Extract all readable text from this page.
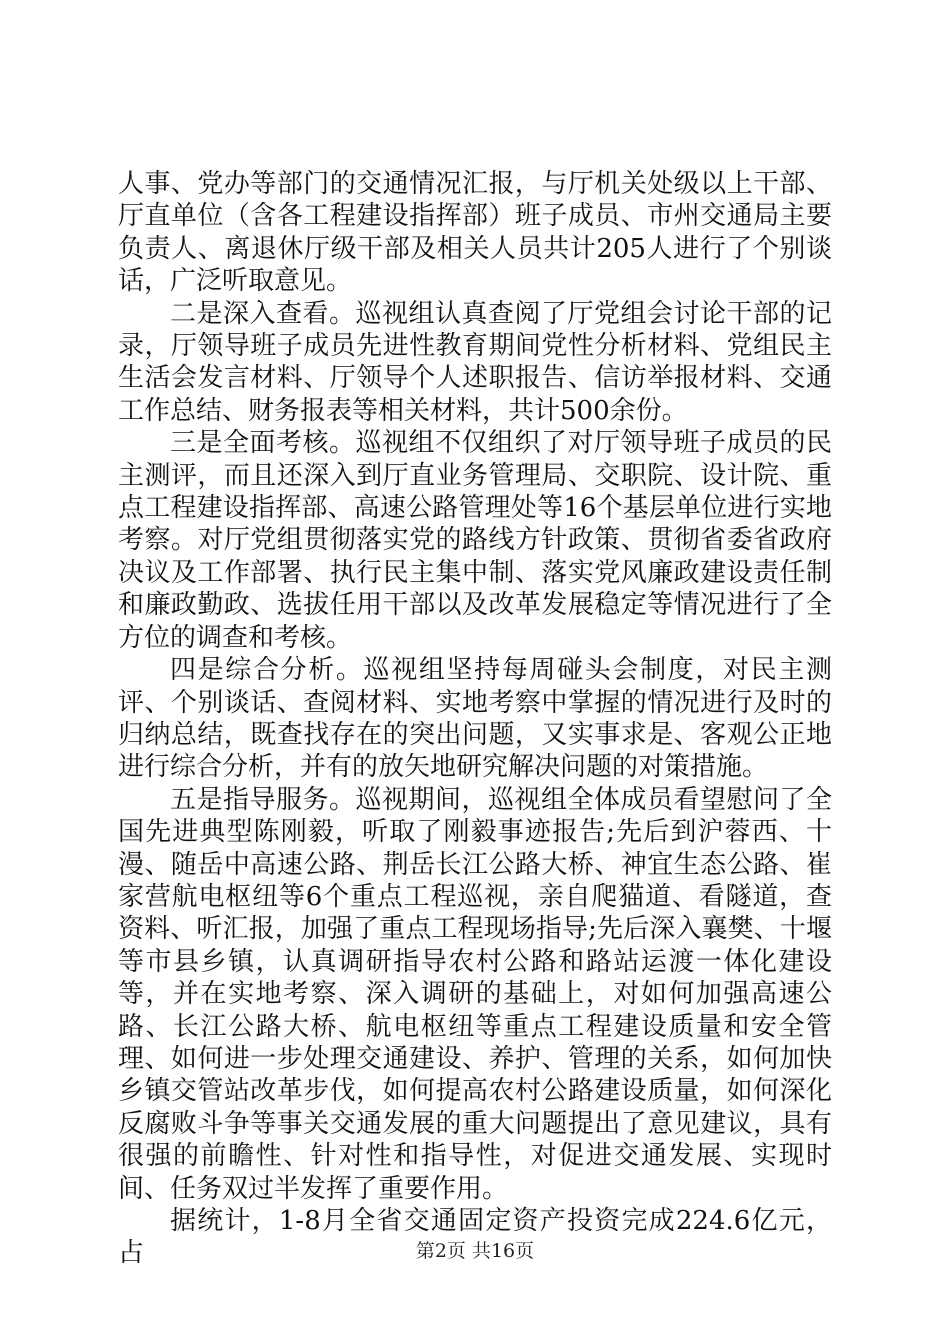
人事、党办等部门的交通情况汇报，与厅机关处级以上干部、厅直单位（含各工程建设指挥部）班子成员、市州交通局主要负责人、离退休厅级干部及相关人员共计205人进行了个别谈话，广泛听取意见。

二是深入查看。巡视组认真查阅了厅党组会讨论干部的记录，厅领导班子成员先进性教育期间党性分析材料、党组民主生活会发言材料、厅领导个人述职报告、信访举报材料、交通工作总结、财务报表等相关材料，共计500余份。

三是全面考核。巡视组不仅组织了对厅领导班子成员的民主测评，而且还深入到厅直业务管理局、交职院、设计院、重点工程建设指挥部、高速公路管理处等16个基层单位进行实地考察。对厅党组贯彻落实党的路线方针政策、贯彻省委省政府决议及工作部署、执行民主集中制、落实党风廉政建设责任制和廉政勤政、选拔任用干部以及改革发展稳定等情况进行了全方位的调查和考核。

四是综合分析。巡视组坚持每周碰头会制度，对民主测评、个别谈话、查阅材料、实地考察中掌握的情况进行及时的归纳总结，既查找存在的突出问题，又实事求是、客观公正地进行综合分析，并有的放矢地研究解决问题的对策措施。

五是指导服务。巡视期间，巡视组全体成员看望慰问了全国先进典型陈刚毅，听取了刚毅事迹报告;先后到沪蓉西、十漫、随岳中高速公路、荆岳长江公路大桥、神宜生态公路、崔家营航电枢纽等6个重点工程巡视，亲自爬猫道、看隧道，查资料、听汇报，加强了重点工程现场指导;先后深入襄樊、十堰等市县乡镇，认真调研指导农村公路和路站运渡一体化建设等，并在实地考察、深入调研的基础上，对如何加强高速公路、长江公路大桥、航电枢纽等重点工程建设质量和安全管理、如何进一步处理交通建设、养护、管理的关系，如何加快乡镇交管站改革步伐，如何提高农村公路建设质量，如何深化反腐败斗争等事关交通发展的重大问题提出了意见建议，具有很强的前瞻性、针对性和指导性，对促进交通发展、实现时间、任务双过半发挥了重要作用。

据统计，1-8月全省交通固定资产投资完成224.6亿元，占	第2页 共16页
